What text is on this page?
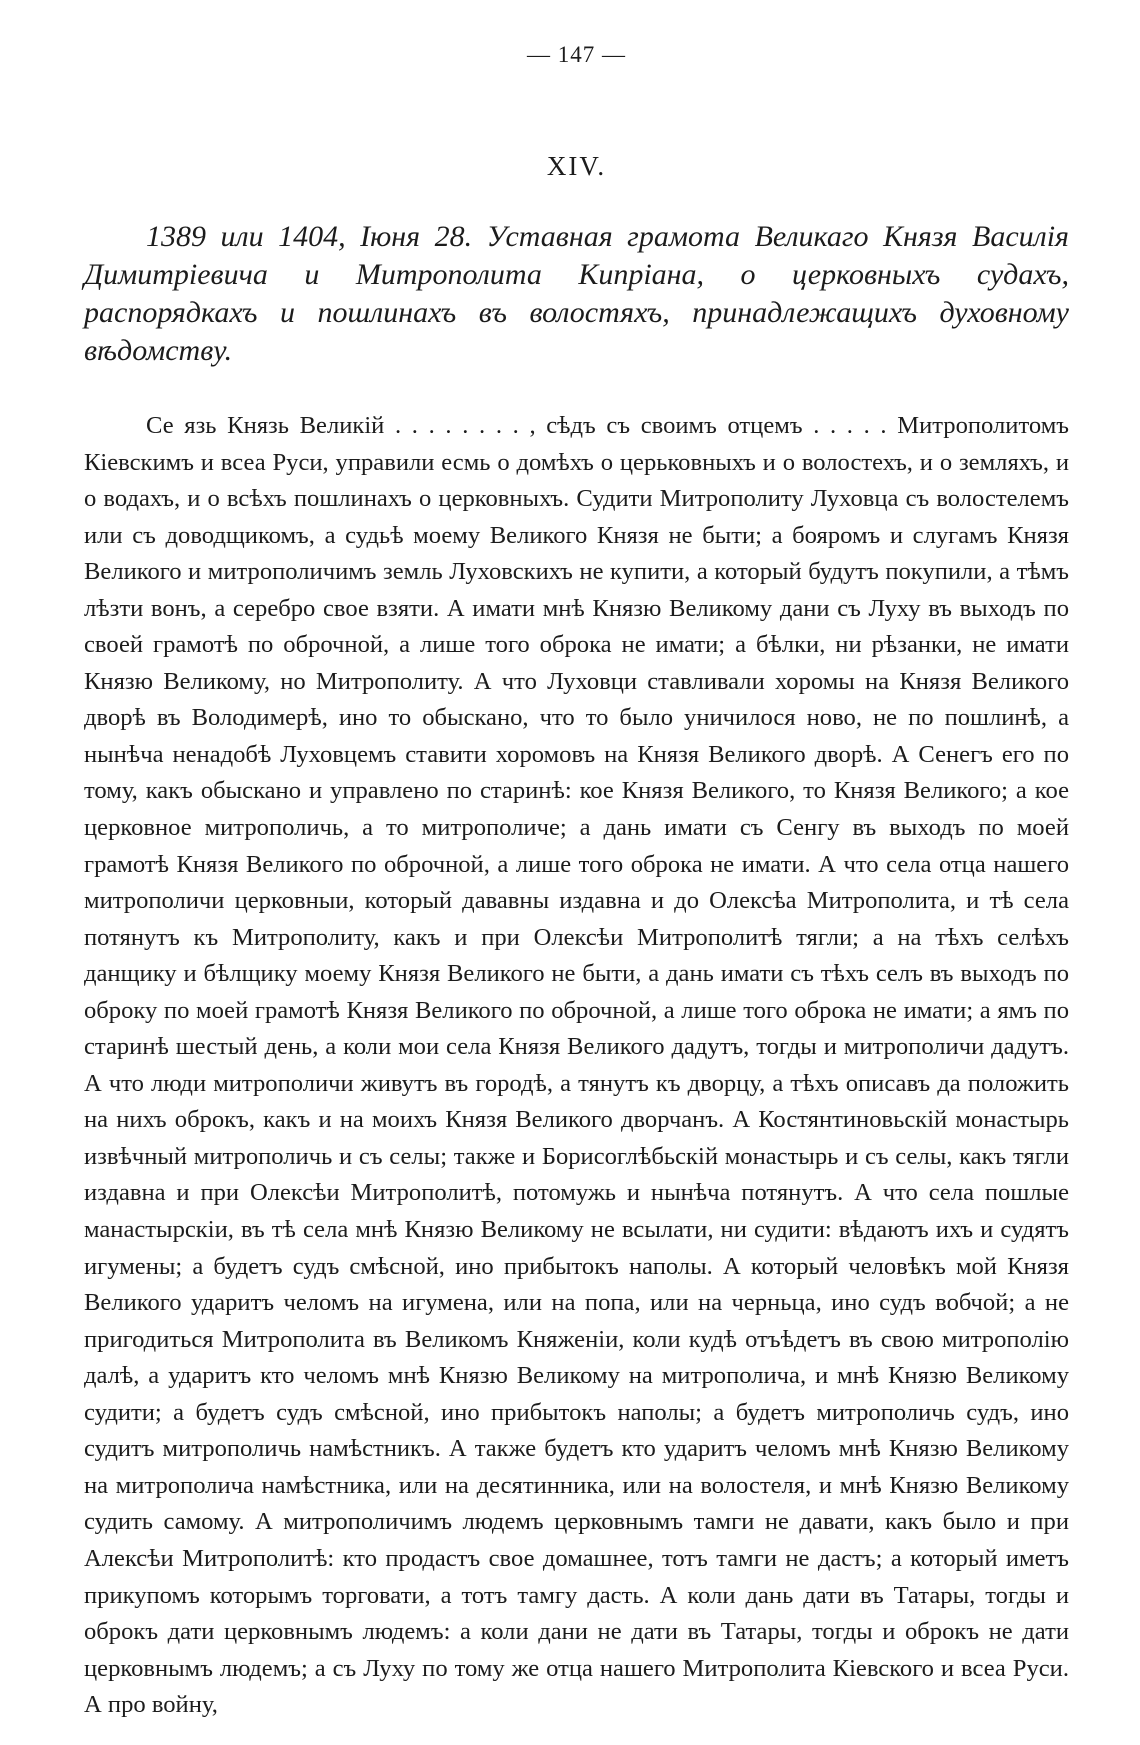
— 147 —
XIV.

1389 или 1404, Іюня 28. Уставная грамота Великаго Князя Василія Димитріевича и Митрополита Кипріана, о церковныхъ судахъ, распорядкахъ и пошлинахъ въ волостяхъ, принадлежащихъ духовному вѣдомству.

Се язь Князь Великій . . . . . . . . , сѣдъ съ своимъ отцемъ . . . . . Митрополитомъ Кіевскимъ и всеа Руси, управили есмь о домѣхъ о церьковныхъ и о волостехъ, и о земляхъ, и о водахъ, и о всѣхъ пошлинахъ о церковныхъ. Судити Митрополиту Луховца съ волостелемъ или съ доводщикомъ, а судьѣ моему Великого Князя не быти; а бояромъ и слугамъ Князя Великого и митрополичимъ земль Луховскихъ не купити, а который будутъ покупили, а тѣмъ лѣзти вонъ, а серебро свое взяти. А имати мнѣ Князю Великому дани съ Луху въ выходъ по своей грамотѣ по оброчной, а лише того оброка не имати; а бѣлки, ни рѣзанки, не имати Князю Великому, но Митрополиту. А что Луховци ставливали хоромы на Князя Великого дворѣ въ Володимерѣ, ино то обыскано, что то было уничилося ново, не по пошлинѣ, а нынѣча ненадобѣ Луховцемъ ставити хоромовъ на Князя Великого дворѣ. А Сенегъ его по тому, какъ обыскано и управлено по старинѣ: кое Князя Великого, то Князя Великого; а кое церковное митрополичь, а то митрополиче; а дань имати съ Сенгу въ выходъ по моей грамотѣ Князя Великого по оброчной, а лише того оброка не имати. А что села отца нашего митрополичи церковныи, который дававны издавна и до Олексѣа Митрополита, и тѣ села потянутъ къ Митрополиту, какъ и при Олексѣи Митрополитѣ тягли; а на тѣхъ селѣхъ данщику и бѣлщику моему Князя Великого не быти, а дань имати съ тѣхъ селъ въ выходъ по оброку по моей грамотѣ Князя Великого по оброчной, а лише того оброка не имати; а ямъ по старинѣ шестый день, а коли мои села Князя Великого дадутъ, тогды и митрополичи дадутъ. А что люди митрополичи живутъ въ городѣ, а тянутъ къ дворцу, а тѣхъ описавъ да положить на нихъ оброкъ, какъ и на моихъ Князя Великого дворчанъ. А Костянтиновьскій монастырь извѣчный митрополичь и съ селы; также и Борисоглѣбьскій монастырь и съ селы, какъ тягли издавна и при Олексѣи Митрополитѣ, потомужь и нынѣча потянутъ. А что села пошлые манастырскіи, въ тѣ села мнѣ Князю Великому не всылати, ни судити: вѣдаютъ ихъ и судятъ игумены; а будетъ судъ смѣсной, ино прибытокъ наполы. А который человѣкъ мой Князя Великого ударитъ челомъ на игумена, или на попа, или на черньца, ино судъ вобчой; а не пригодиться Митрополита въ Великомъ Княженіи, коли кудѣ отъѣдетъ въ свою митрополію далѣ, а ударитъ кто челомъ мнѣ Князю Великому на митрополича, и мнѣ Князю Великому судити; а будетъ судъ смѣсной, ино прибытокъ наполы; а будетъ митрополичь судъ, ино судитъ митрополичь намѣстникъ. А также будетъ кто ударитъ челомъ мнѣ Князю Великому на митрополича намѣстника, или на десятинника, или на волостеля, и мнѣ Князю Великому судить самому. А митрополичимъ людемъ церковнымъ тамги не давати, какъ было и при Алексѣи Митрополитѣ: кто продастъ свое домашнее, тотъ тамги не дастъ; а который иметъ прикупомъ которымъ торговати, а тотъ тамгу дасть. А коли дань дати въ Татары, тогды и оброкъ дати церковнымъ людемъ: а коли дани не дати въ Татары, тогды и оброкъ не дати церковнымъ людемъ; а съ Луху по тому же отца нашего Митрополита Кіевского и всеа Руси. А про войну,
